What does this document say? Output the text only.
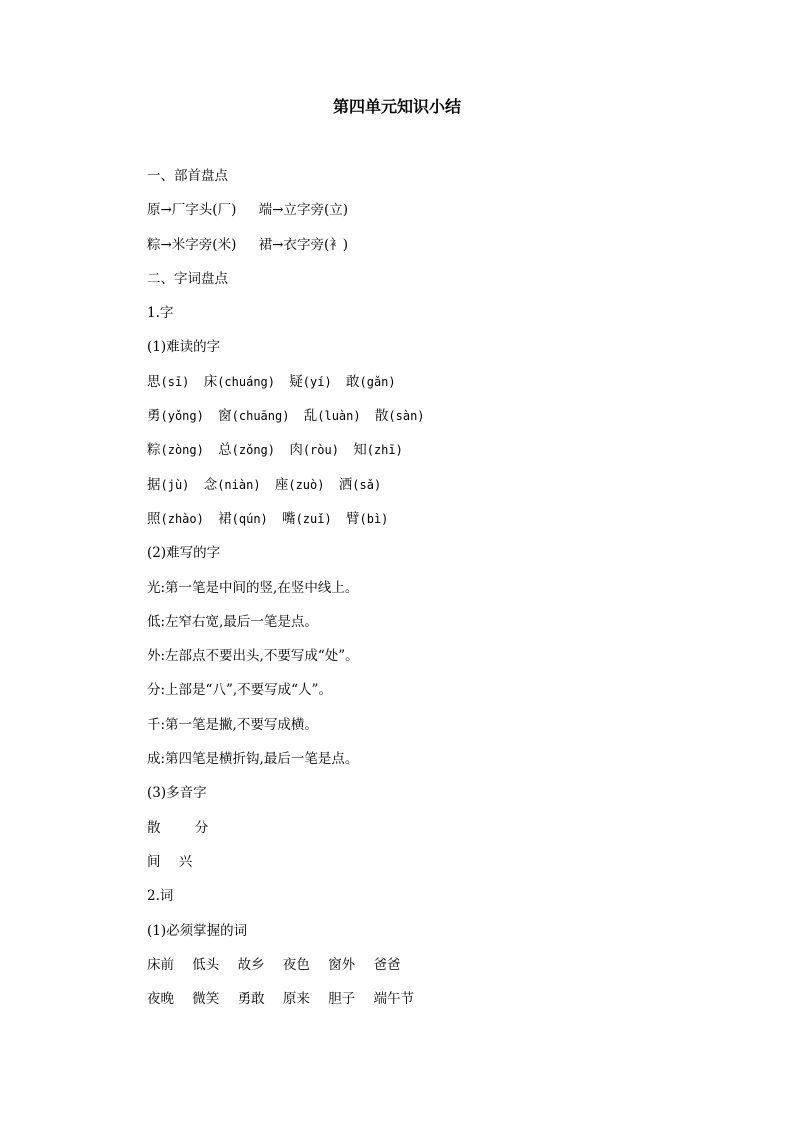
第四单元知识小结
一、部首盘点
原→厂字头(厂) 端→立字旁(立)
粽→米字旁(米) 裙→衣字旁(衤)
二、字词盘点
1.字
(1)难读的字
思(sī) 床(chuáng) 疑(yí) 敢(gǎn)
勇(yǒng) 窗(chuāng) 乱(luàn) 散(sàn)
粽(zòng) 总(zǒng) 肉(ròu) 知(zhī)
据(jù) 念(niàn) 座(zuò) 洒(sǎ)
照(zhào) 裙(qún) 嘴(zuǐ) 臂(bì)
(2)难写的字
光:第一笔是中间的竖,在竖中线上。
低:左窄右宽,最后一笔是点。
外:左部点不要出头,不要写成“处”。
分:上部是“八”,不要写成“人”。
千:第一笔是撇,不要写成横。
成:第四笔是横折钩,最后一笔是点。
(3)多音字
散	分
间 兴
2.词
(1)必须掌握的词
床前 低头 故乡 夜色 窗外 爸爸
夜晚 微笑 勇敢 原来 胆子 端午节
